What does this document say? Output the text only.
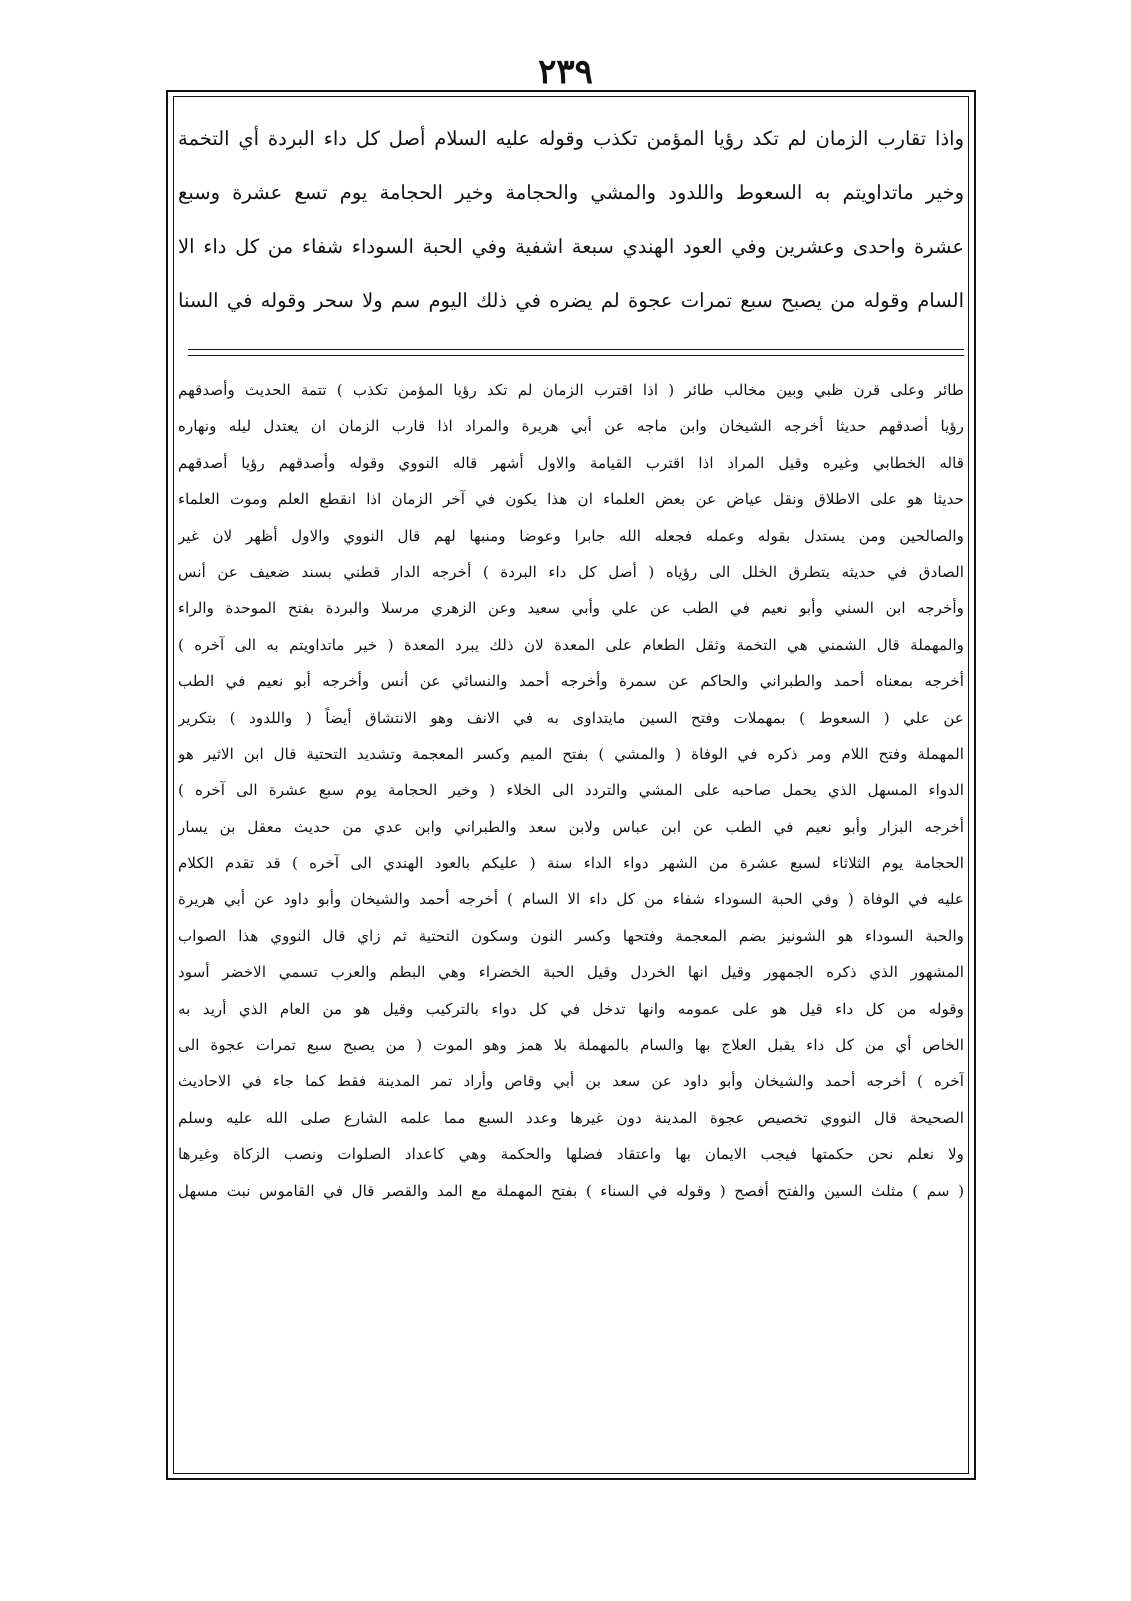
٢٣٩
واذا تقارب الزمان لم تكد رؤيا المؤمن تكذب وقوله عليه السلام أصل كل داء البردة أي التخمة
وخير ماتداويتم به السعوط واللدود والمشي والحجامة وخير الحجامة يوم تسع عشرة وسبع
عشرة واحدى وعشرين وفي العود الهندي سبعة اشفية وفي الحبة السوداء شفاء من كل داء الا
السام وقوله من يصبح سبع تمرات عجوة لم يضره في ذلك اليوم سم ولا سحر وقوله في السنا
طائر وعلى قرن ظبي وبين مخالب طائر ( اذا اقترب الزمان لم تكد رؤيا المؤمن تكذب ) تتمة الحديث وأصدقهم
رؤيا أصدقهم حديثا أخرجه الشيخان وابن ماجه عن أبي هريرة والمراد اذا قارب الزمان ان يعتدل ليله ونهاره
قاله الخطابي وغيره وقيل المراد اذا اقترب القيامة والاول أشهر قاله النووي وقوله وأصدقهم رؤيا أصدقهم
حديثا هو على الاطلاق ونقل عياض عن بعض العلماء ان هذا يكون في آخر الزمان اذا انقطع العلم وموت العلماء
والصالحين ومن يستدل بقوله وعمله فجعله الله جابرا وعوضا ومنبها لهم قال النووي والاول أظهر لان غير
الصادق في حديثه يتطرق الخلل الى رؤياه ( أصل كل داء البردة ) أخرجه الدار قطني بسند ضعيف عن أنس
وأخرجه ابن السني وأبو نعيم في الطب عن علي وأبي سعيد وعن الزهري مرسلا والبردة بفتح الموحدة والراء
والمهملة قال الشمني هي التخمة وثقل الطعام على المعدة لان ذلك يبرد المعدة ( خير ماتداويتم به الى آخره )
أخرجه بمعناه أحمد والطبراني والحاكم عن سمرة وأخرجه أحمد والنسائي عن أنس وأخرجه أبو نعيم في الطب
عن علي ( السعوط ) بمهملات وفتح السين مايتداوى به في الانف وهو الانتشاق أيضاً ( واللدود ) بتكرير
المهملة وفتح اللام ومر ذكره في الوفاة ( والمشي ) بفتح الميم وكسر المعجمة وتشديد التحتية قال ابن الاثير هو
الدواء المسهل الذي يحمل صاحبه على المشي والتردد الى الخلاء ( وخير الحجامة يوم سبع عشرة الى آخره )
أخرجه البزار وأبو نعيم في الطب عن ابن عباس ولابن سعد والطبراني وابن عدي من حديث معقل بن يسار
الحجامة يوم الثلاثاء لسبع عشرة من الشهر دواء الداء سنة ( عليكم بالعود الهندي الى آخره ) قد تقدم الكلام
عليه في الوفاة ( وفي الحبة السوداء شفاء من كل داء الا السام ) أخرجه أحمد والشيخان وأبو داود عن أبي هريرة
والحبة السوداء هو الشونيز بضم المعجمة وفتحها وكسر النون وسكون التحتية ثم زاي قال النووي هذا الصواب
المشهور الذي ذكره الجمهور وقيل انها الخردل وقيل الحبة الخضراء وهي البطم والعرب تسمي الاخضر أسود
وقوله من كل داء قيل هو على عمومه وانها تدخل في كل دواء بالتركيب وقيل هو من العام الذي أريد به
الخاص أي من كل داء يقبل العلاج بها والسام بالمهملة بلا همز وهو الموت ( من يصبح سبع تمرات عجوة الى
آخره ) أخرجه أحمد والشيخان وأبو داود عن سعد بن أبي وقاص وأراد تمر المدينة فقط كما جاء في الاحاديث
الصحيحة قال النووي تخصيص عجوة المدينة دون غيرها وعدد السبع مما علمه الشارع صلى الله عليه وسلم
ولا نعلم نحن حكمتها فيجب الايمان بها واعتقاد فضلها والحكمة وهي كاعداد الصلوات ونصب الزكاة وغيرها
( سم ) مثلث السين والفتح أفصح ( وقوله في السناء ) بفتح المهملة مع المد والقصر قال في القاموس نبت مسهل
